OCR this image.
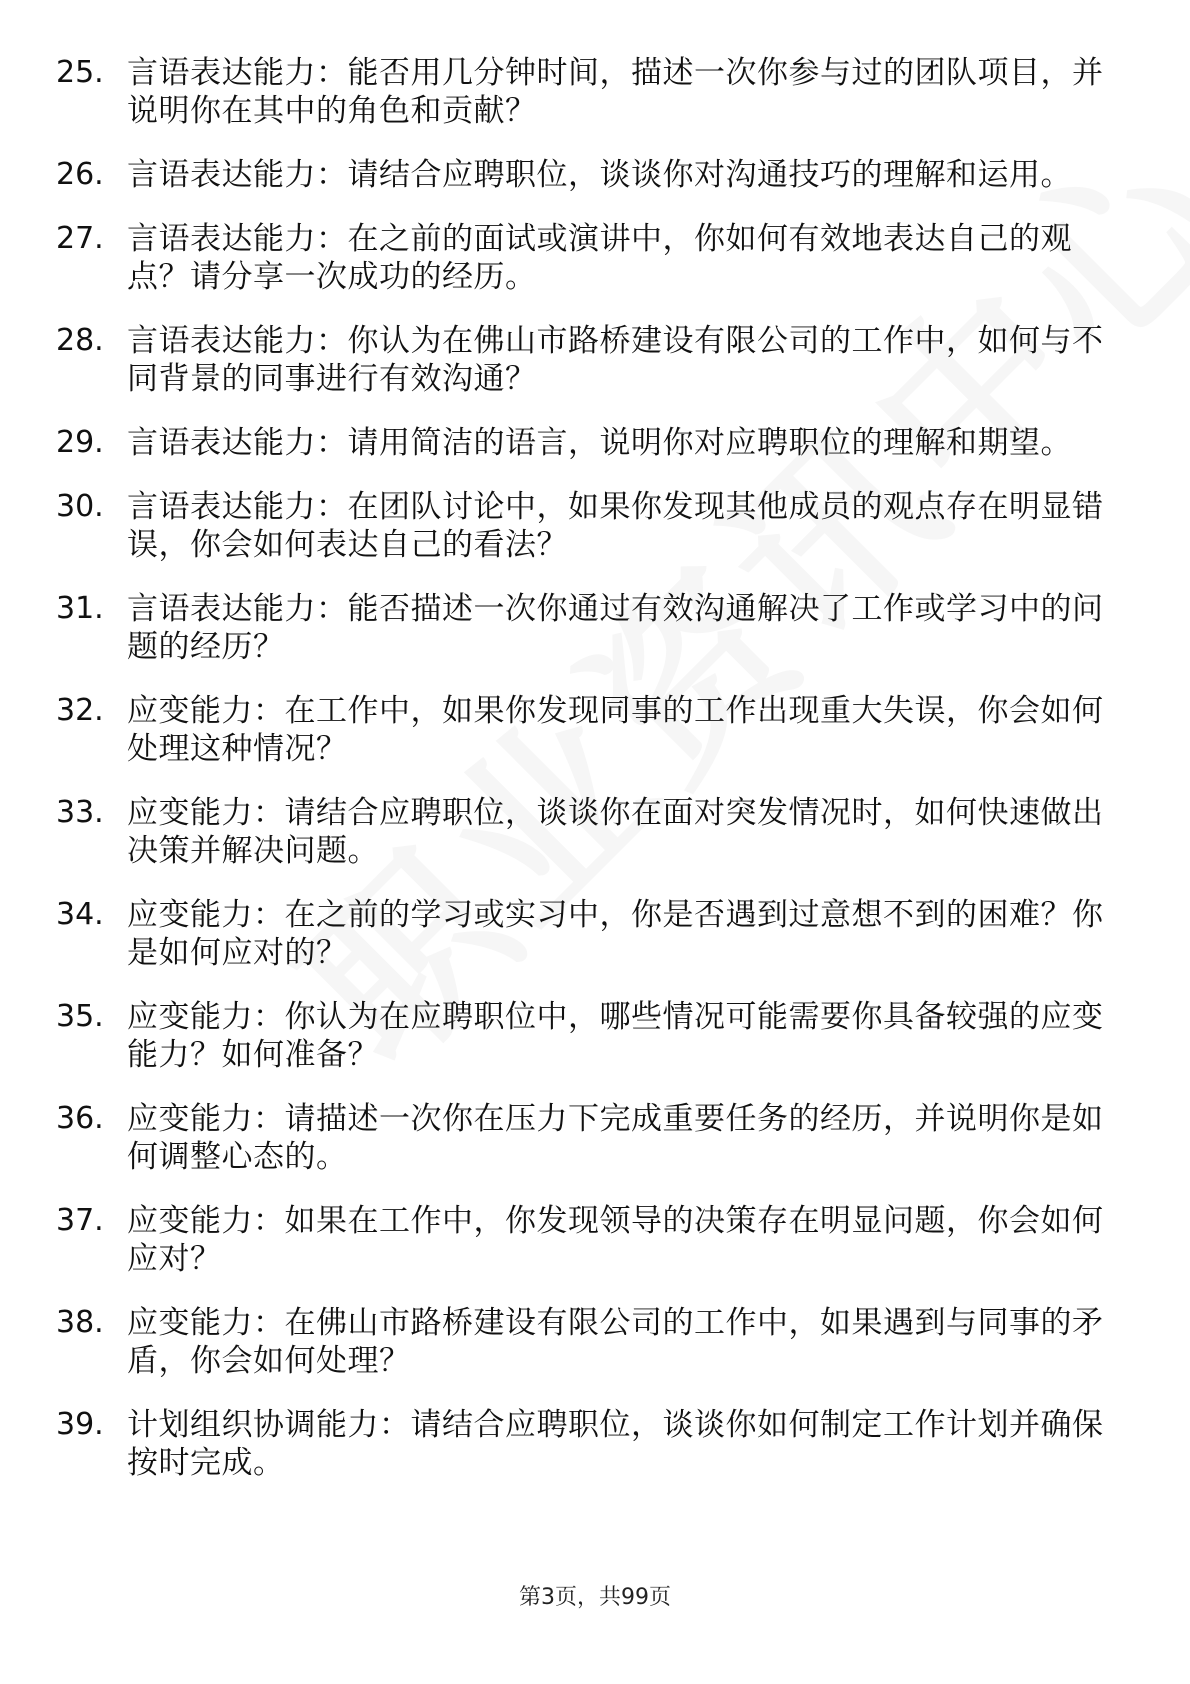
25. 言语表达能力：能否用几分钟时间，描述一次你参与过的团队项目，并说明你在其中的角色和贡献？
26. 言语表达能力：请结合应聘职位，谈谈你对沟通技巧的理解和运用。
27. 言语表达能力：在之前的面试或演讲中，你如何有效地表达自己的观点？请分享一次成功的经历。
28. 言语表达能力：你认为在佛山市路桥建设有限公司的工作中，如何与不同背景的同事进行有效沟通？
29. 言语表达能力：请用简洁的语言，说明你对应聘职位的理解和期望。
30. 言语表达能力：在团队讨论中，如果你发现其他成员的观点存在明显错误，你会如何表达自己的看法？
31. 言语表达能力：能否描述一次你通过有效沟通解决了工作或学习中的问题的经历？
32. 应变能力：在工作中，如果你发现同事的工作出现重大失误，你会如何处理这种情况？
33. 应变能力：请结合应聘职位，谈谈你在面对突发情况时，如何快速做出决策并解决问题。
34. 应变能力：在之前的学习或实习中，你是否遇到过意想不到的困难？你是如何应对的？
35. 应变能力：你认为在应聘职位中，哪些情况可能需要你具备较强的应变能力？如何准备？
36. 应变能力：请描述一次你在压力下完成重要任务的经历，并说明你是如何调整心态的。
37. 应变能力：如果在工作中，你发现领导的决策存在明显问题，你会如何应对？
38. 应变能力：在佛山市路桥建设有限公司的工作中，如果遇到与同事的矛盾，你会如何处理？
39. 计划组织协调能力：请结合应聘职位，谈谈你如何制定工作计划并确保按时完成。
第3页，共99页
